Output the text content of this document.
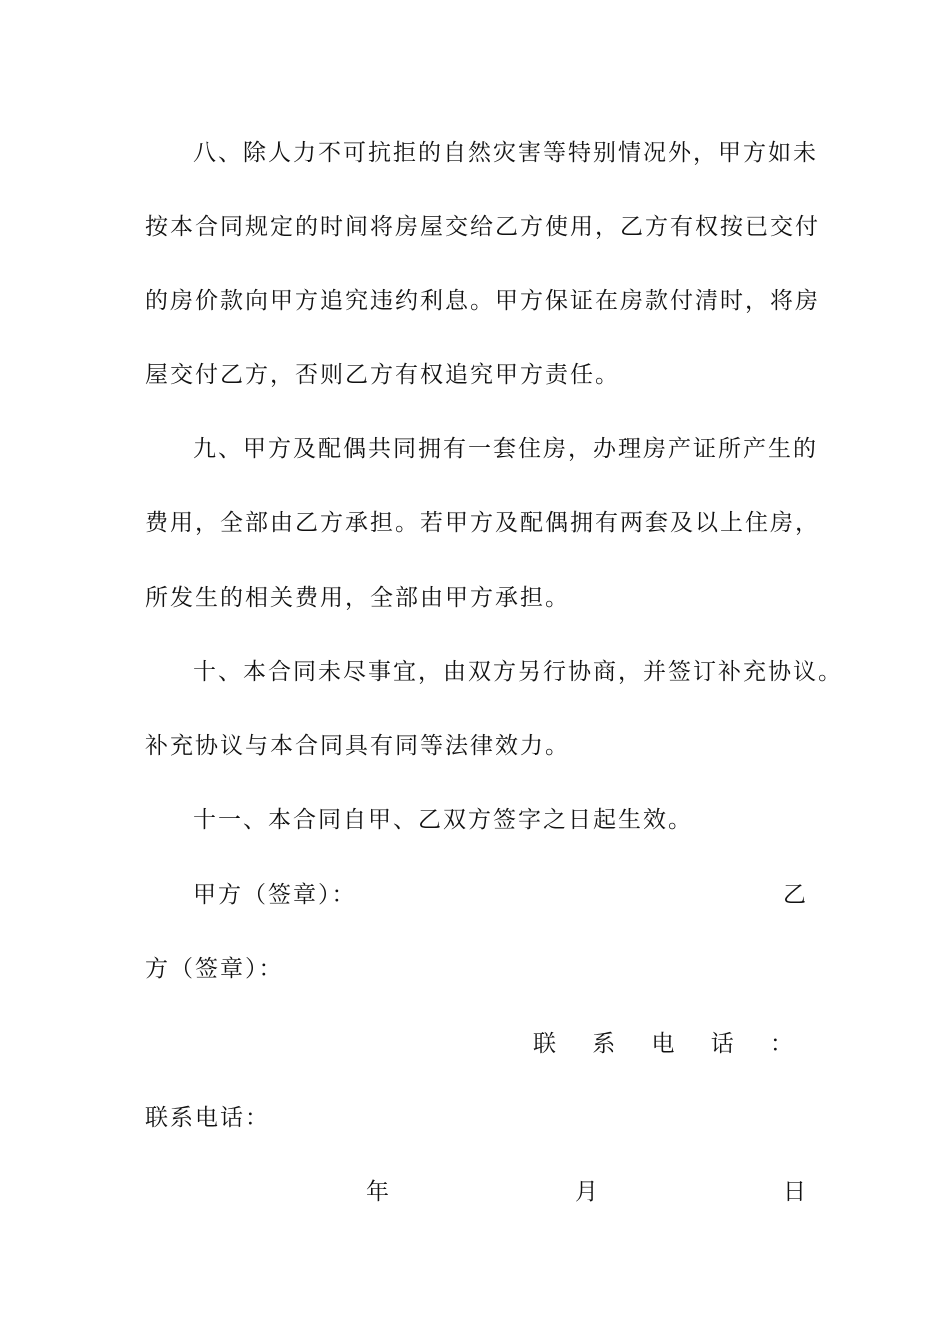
八、除人力不可抗拒的自然灾害等特别情况外，甲方如未
按本合同规定的时间将房屋交给乙方使用，乙方有权按已交付
的房价款向甲方追究违约利息。甲方保证在房款付清时，将房
屋交付乙方，否则乙方有权追究甲方责任。
九、甲方及配偶共同拥有一套住房，办理房产证所产生的
费用，全部由乙方承担。若甲方及配偶拥有两套及以上住房，
所发生的相关费用，全部由甲方承担。
十、本合同未尽事宜，由双方另行协商，并签订补充协议。
补充协议与本合同具有同等法律效力。
十一、本合同自甲、乙双方签字之日起生效。
甲方（签章）：	乙
方（签章）：
联 系 电 话 ：
联系电话：
年	月	日
